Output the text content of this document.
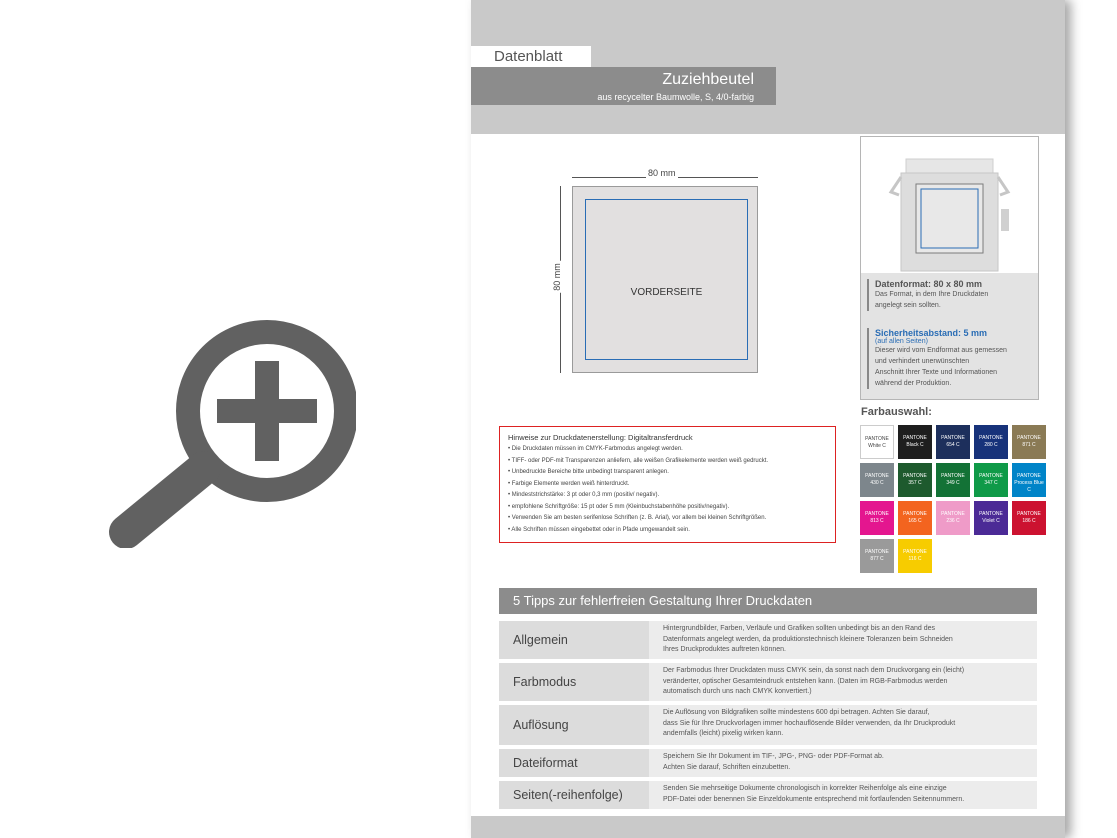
Datenblatt
Zuziehbeutel
aus recycelter Baumwolle, S, 4/0-farbig
80 mm
80 mm
VORDERSEITE
Hinweise zur Druckdatenerstellung: Digitaltransferdruck
• Die Druckdaten müssen im CMYK-Farbmodus angelegt werden.
• TIFF- oder PDF-mit Transparenzen anliefern, alle weißen Grafikelemente werden weiß gedruckt.
• Unbedruckte Bereiche bitte unbedingt transparent anlegen.
• Farbige Elemente werden weiß hinterdruckt.
• Mindeststrichstärke: 3 pt oder 0,3 mm (positiv/ negativ).
• empfohlene Schriftgröße: 15 pt oder 5 mm (Kleinbuchstabenhöhe positiv/negativ).
• Verwenden Sie am besten serifenlose Schriften (z. B. Arial), vor allem bei kleinen Schriftgrößen.
• Alle Schriften müssen eingebettet oder in Pfade umgewandelt sein.
Datenformat: 80 x 80 mm
Das Format, in dem Ihre Druckdaten
angelegt sein sollten.
Sicherheitsabstand: 5 mm
(auf allen Seiten)
Dieser wird vom Endformat aus gemessen
und verhindert unerwünschten
Anschnitt Ihrer Texte und Informationen
während der Produktion.
Farbauswahl:
PANTONE
White C
PANTONE
Black C
PANTONE
654 C
PANTONE
280 C
PANTONE
871 C
PANTONE
430 C
PANTONE
357 C
PANTONE
349 C
PANTONE
347 C
PANTONE
Process Blue C
PANTONE
813 C
PANTONE
165 C
PANTONE
236 C
PANTONE
Violet C
PANTONE
186 C
PANTONE
877 C
PANTONE
116 C
5 Tipps zur fehlerfreien Gestaltung Ihrer Druckdaten
Allgemein
Hintergrundbilder, Farben, Verläufe und Grafiken sollten unbedingt bis an den Rand des
Datenformats angelegt werden, da produktionstechnisch kleinere Toleranzen beim Schneiden
Ihres Druckproduktes auftreten können.
Farbmodus
Der Farbmodus Ihrer Druckdaten muss CMYK sein, da sonst nach dem Druckvorgang ein (leicht)
veränderter, optischer Gesamteindruck entstehen kann. (Daten im RGB-Farbmodus werden
automatisch durch uns nach CMYK konvertiert.)
Auflösung
Die Auflösung von Bildgrafiken sollte mindestens 600 dpi betragen. Achten Sie darauf,
dass Sie für Ihre Druckvorlagen immer hochauflösende Bilder verwenden, da Ihr Druckprodukt
andernfalls (leicht) pixelig wirken kann.
Dateiformat	Speichern Sie Ihr Dokument im TIF-, JPG-, PNG- oder PDF-Format ab.
Achten Sie darauf, Schriften einzubetten.
Seiten(-reihenfolge)	Senden Sie mehrseitige Dokumente chronologisch in korrekter Reihenfolge als eine einzige
PDF-Datei oder benennen Sie Einzeldokumente entsprechend mit fortlaufenden Seitennummern.
